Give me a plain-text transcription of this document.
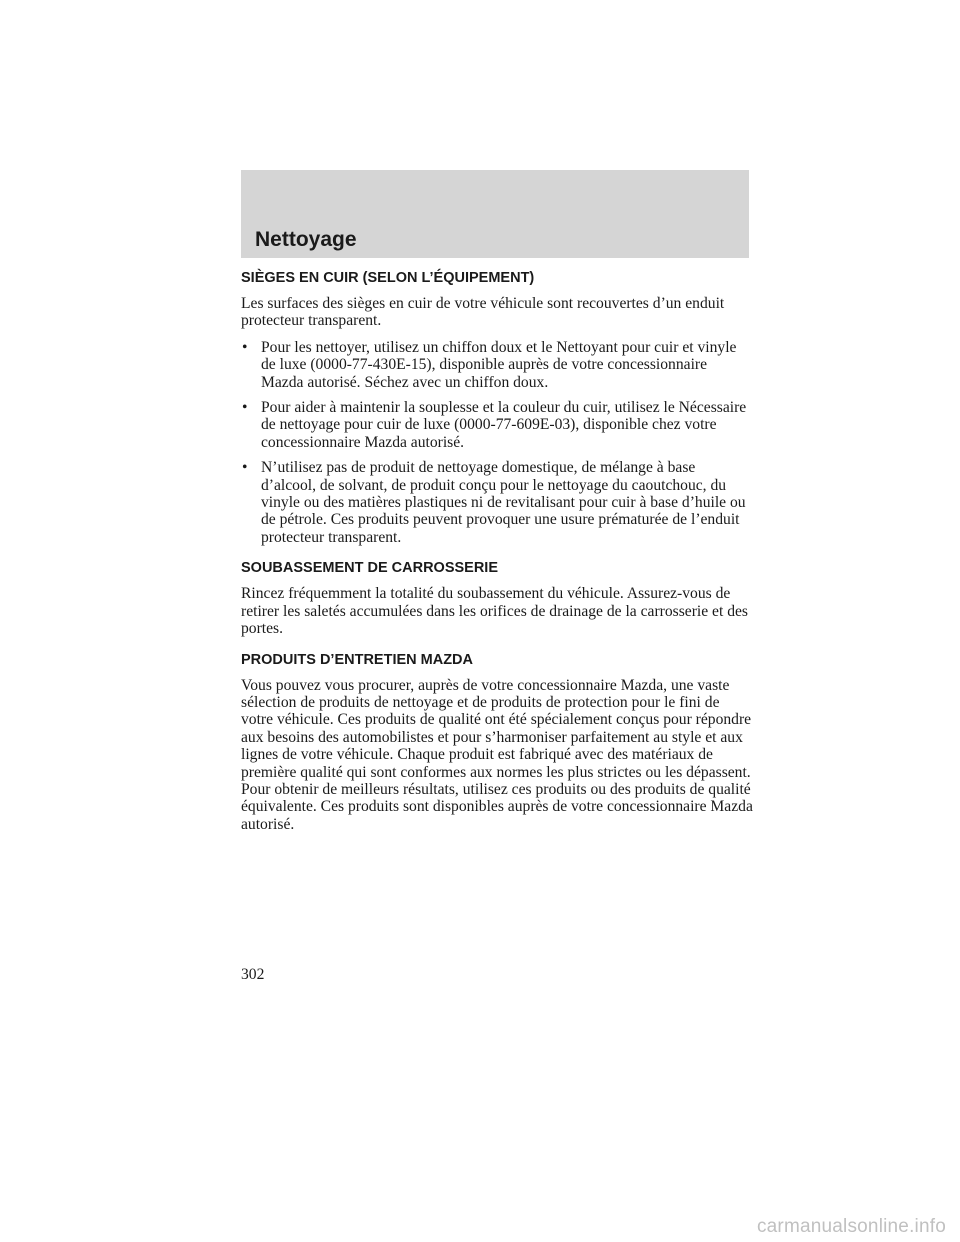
Nettoyage
SIÈGES EN CUIR (SELON L’ÉQUIPEMENT)

Les surfaces des sièges en cuir de votre véhicule sont recouvertes d’un enduit protecteur transparent.

• Pour les nettoyer, utilisez un chiffon doux et le Nettoyant pour cuir et vinyle de luxe (0000-77-430E-15), disponible auprès de votre concessionnaire Mazda autorisé. Séchez avec un chiffon doux.
• Pour aider à maintenir la souplesse et la couleur du cuir, utilisez le Nécessaire de nettoyage pour cuir de luxe (0000-77-609E-03), disponible chez votre concessionnaire Mazda autorisé.
• N’utilisez pas de produit de nettoyage domestique, de mélange à base d’alcool, de solvant, de produit conçu pour le nettoyage du caoutchouc, du vinyle ou des matières plastiques ni de revitalisant pour cuir à base d’huile ou de pétrole. Ces produits peuvent provoquer une usure prématurée de l’enduit protecteur transparent.
SOUBASSEMENT DE CARROSSERIE

Rincez fréquemment la totalité du soubassement du véhicule. Assurez-vous de retirer les saletés accumulées dans les orifices de drainage de la carrosserie et des portes.

PRODUITS D’ENTRETIEN MAZDA

Vous pouvez vous procurer, auprès de votre concessionnaire Mazda, une vaste sélection de produits de nettoyage et de produits de protection pour le fini de votre véhicule. Ces produits de qualité ont été spécialement conçus pour répondre aux besoins des automobilistes et pour s’harmoniser parfaitement au style et aux lignes de votre véhicule. Chaque produit est fabriqué avec des matériaux de première qualité qui sont conformes aux normes les plus strictes ou les dépassent. Pour obtenir de meilleurs résultats, utilisez ces produits ou des produits de qualité équivalente. Ces produits sont disponibles auprès de votre concessionnaire Mazda autorisé.

302
carmanualsonline.info
